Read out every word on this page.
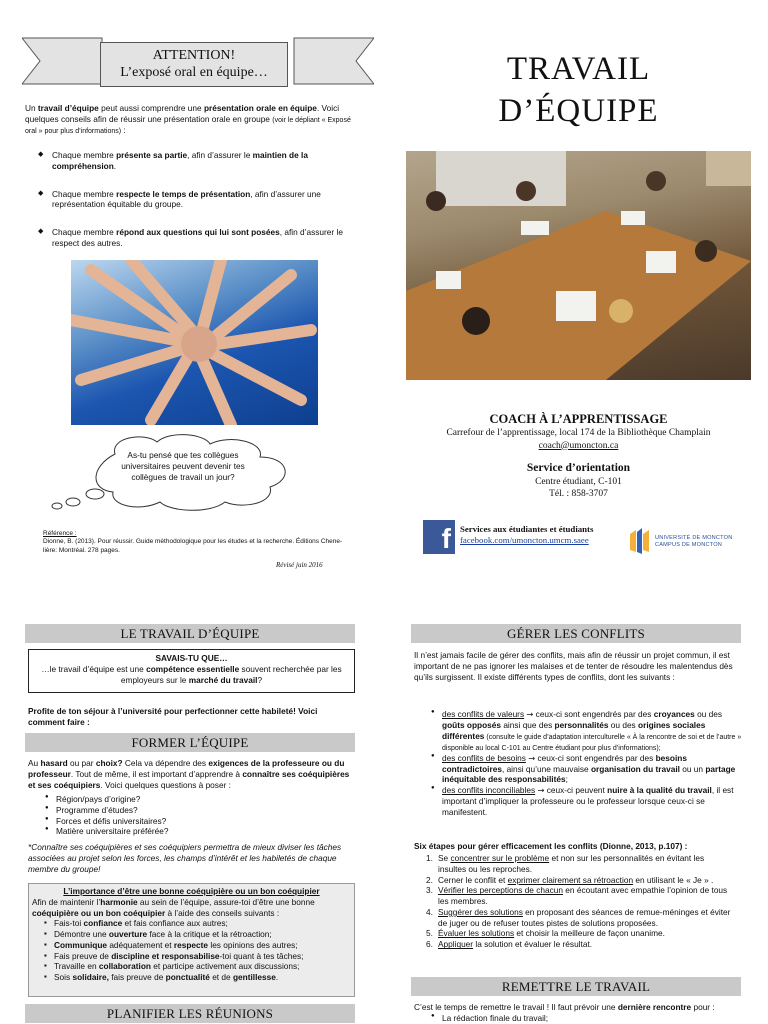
ATTENTION!
L’exposé oral en équipe…
Un travail d’équipe peut aussi comprendre une présentation orale en équipe. Voici quelques conseils afin de réussir une présentation orale en groupe (voir le dépliant « Exposé oral » pour plus d’informations) :
◆ Chaque membre présente sa partie, afin d’assurer le maintien de la compréhension.
◆ Chaque membre respecte le temps de présentation, afin d’assurer une représentation équitable du groupe.
◆ Chaque membre répond aux questions qui lui sont posées, afin d’assurer le respect des autres.
As-tu pensé que tes collègues universitaires peuvent devenir tes collègues de travail un jour?
Référence :
Dionne, B. (2013). Pour réussir. Guide méthodologique pour les études et la recherche. Éditions Chene-lière: Montréal. 278 pages.
Révisé juin 2016
TRAVAIL
D’ÉQUIPE
COACH À L’APPRENTISSAGE
Carrefour de l’apprentissage, local 174 de la Bibliothèque Champlain
coach@umoncton.ca
Service d’orientation
Centre étudiant, C-101
Tél. : 858-3707
f	Services aux étudiantes et étudiants
facebook.com/umoncton.umcm.saee	UNIVERSITÉ DE MONCTON
CAMPUS DE MONCTON
LE TRAVAIL D’ÉQUIPE
SAVAIS-TU QUE…
…le travail d’équipe est une compétence essentielle souvent recherchée par les employeurs sur le marché du travail?
Profite de ton séjour à l’université pour perfectionner cette habileté! Voici comment faire :
FORMER L’ÉQUIPE
Au hasard ou par choix? Cela va dépendre des exigences de la professeure ou du professeur. Tout de même, il est important d’apprendre à connaître ses coéquipières et ses coéquipiers. Voici quelques questions à poser :
● Région/pays d’origine?
● Programme d’études?
● Forces et défis universitaires?
● Matière universitaire préférée?
*Connaître ses coéquipières et ses coéquipiers permettra de mieux diviser les tâches associées au projet selon les forces, les champs d’intérêt et les habiletés de chaque membre du groupe!
L’importance d’être une bonne coéquipière ou un bon coéquipier
Afin de maintenir l’harmonie au sein de l’équipe, assure-toi d’être une bonne coéquipière ou un bon coéquipier à l’aide des conseils suivants :
▪ Fais-toi confiance et fais confiance aux autres;
▪ Démontre une ouverture face à la critique et la rétroaction;
▪ Communique adéquatement et respecte les opinions des autres;
▪ Fais preuve de discipline et responsabilise-toi quant à tes tâches;
▪ Travaille en collaboration et participe activement aux discussions;
▪ Sois solidaire, fais preuve de ponctualité et de gentillesse.
PLANIFIER LES RÉUNIONS
GÉRER LES CONFLITS
Il n’est jamais facile de gérer des conflits, mais afin de réussir un projet commun, il est important de ne pas ignorer les malaises et de tenter de résoudre les malentendus dès qu’ils surgissent. Il existe différents types de conflits, dont les suivants :
● des conflits de valeurs → ceux-ci sont engendrés par des croyances ou des goûts opposés ainsi que des personnalités ou des origines sociales différentes (consulte le guide d’adaptation interculturelle « À la rencontre de soi et de l’autre » disponible au local C-101 au Centre étudiant pour plus d’informations);
● des conflits de besoins → ceux-ci sont engendrés par des besoins contradictoires, ainsi qu’une mauvaise organisation du travail ou un partage inéquitable des responsabilités;
● des conflits inconciliables → ceux-ci peuvent nuire à la qualité du travail, il est important d’impliquer la professeure ou le professeur lorsque ceux-ci se manifestent.
Six étapes pour gérer efficacement les conflits (Dionne, 2013, p.107) :
1. Se concentrer sur le problème et non sur les personnalités en évitant les insultes ou les reproches.
2. Cerner le conflit et exprimer clairement sa rétroaction en utilisant le « Je » .
3. Vérifier les perceptions de chacun en écoutant avec empathie l’opinion de tous les membres.
4. Suggérer des solutions en proposant des séances de remue-méninges et éviter de juger ou de refuser toutes pistes de solutions proposées.
5. Évaluer les solutions et choisir la meilleure de façon unanime.
6. Appliquer la solution et évaluer le résultat.
REMETTRE LE TRAVAIL
C’est le temps de remettre le travail ! Il faut prévoir une dernière rencontre pour :
● La rédaction finale du travail;
